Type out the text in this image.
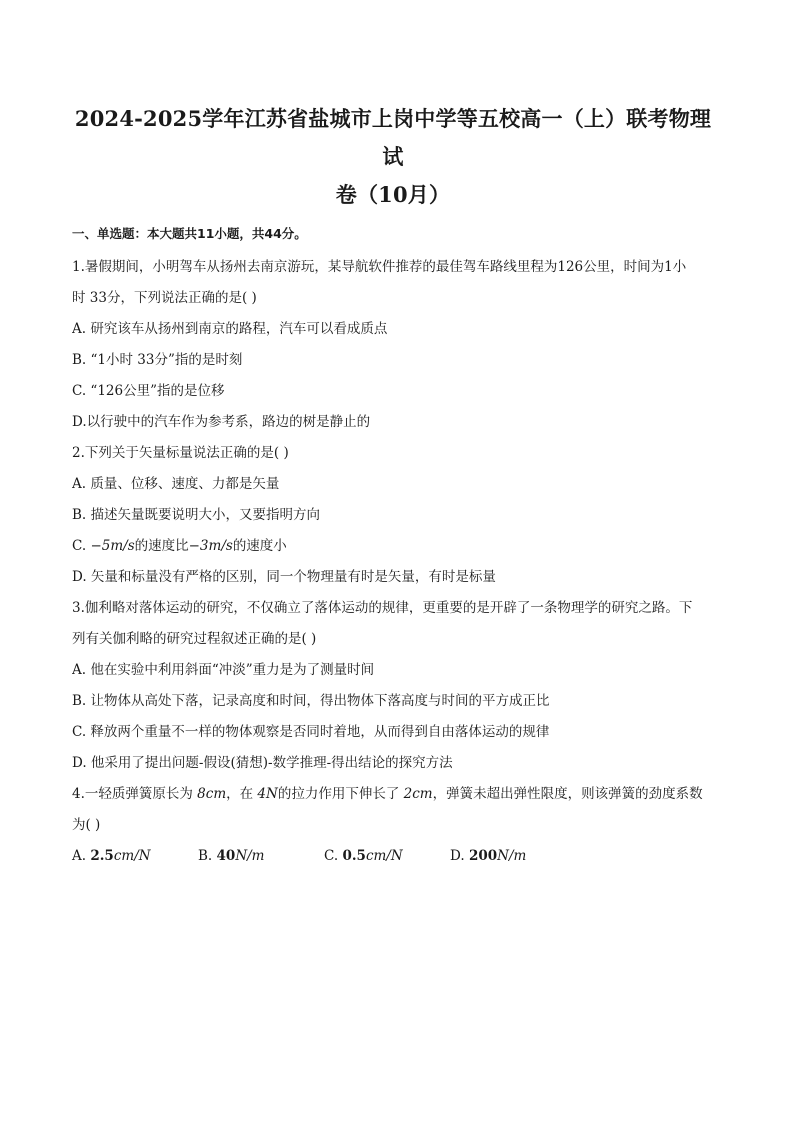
2024-2025学年江苏省盐城市上岗中学等五校高一（上）联考物理试
卷（10月）
一、单选题：本大题共11小题，共44分。
1.暑假期间，小明驾车从扬州去南京游玩，某导航软件推荐的最佳驾车路线里程为126公里，时间为1小
时 33分，下列说法正确的是( )
A. 研究该车从扬州到南京的路程，汽车可以看成质点
B. “1小时 33分”指的是时刻
C. “126公里”指的是位移
D.以行驶中的汽车作为参考系，路边的树是静止的
2.下列关于矢量标量说法正确的是( )
A. 质量、位移、速度、力都是矢量
B. 描述矢量既要说明大小，又要指明方向
C. −5m/s的速度比−3m/s的速度小
D. 矢量和标量没有严格的区别，同一个物理量有时是矢量，有时是标量
3.伽利略对落体运动的研究，不仅确立了落体运动的规律，更重要的是开辟了一条物理学的研究之路。下
列有关伽利略的研究过程叙述正确的是( )
A. 他在实验中利用斜面“冲淡”重力是为了测量时间
B. 让物体从高处下落，记录高度和时间，得出物体下落高度与时间的平方成正比
C. 释放两个重量不一样的物体观察是否同时着地，从而得到自由落体运动的规律
D. 他采用了提出问题-假设(猜想)-数学推理-得出结论的探究方法
4.一轻质弹簧原长为 8cm，在 4N的拉力作用下伸长了 2cm，弹簧未超出弹性限度，则该弹簧的劲度系数
为( )
A. 2.5cm/N	B. 40N/m	C. 0.5cm/N	D. 200N/m
